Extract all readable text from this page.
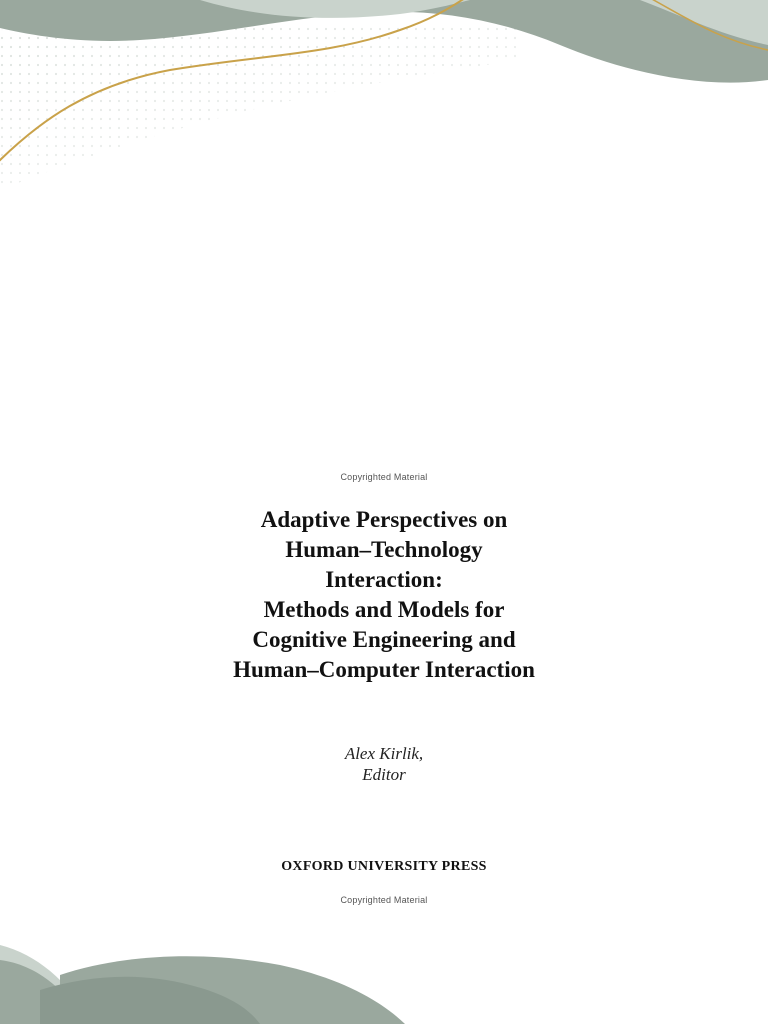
Copyrighted Material
Adaptive Perspectives on
Human–Technology
Interaction:
Methods and Models for
Cognitive Engineering and
Human–Computer Interaction
Alex Kirlik,
Editor
OXFORD UNIVERSITY PRESS
Copyrighted Material
